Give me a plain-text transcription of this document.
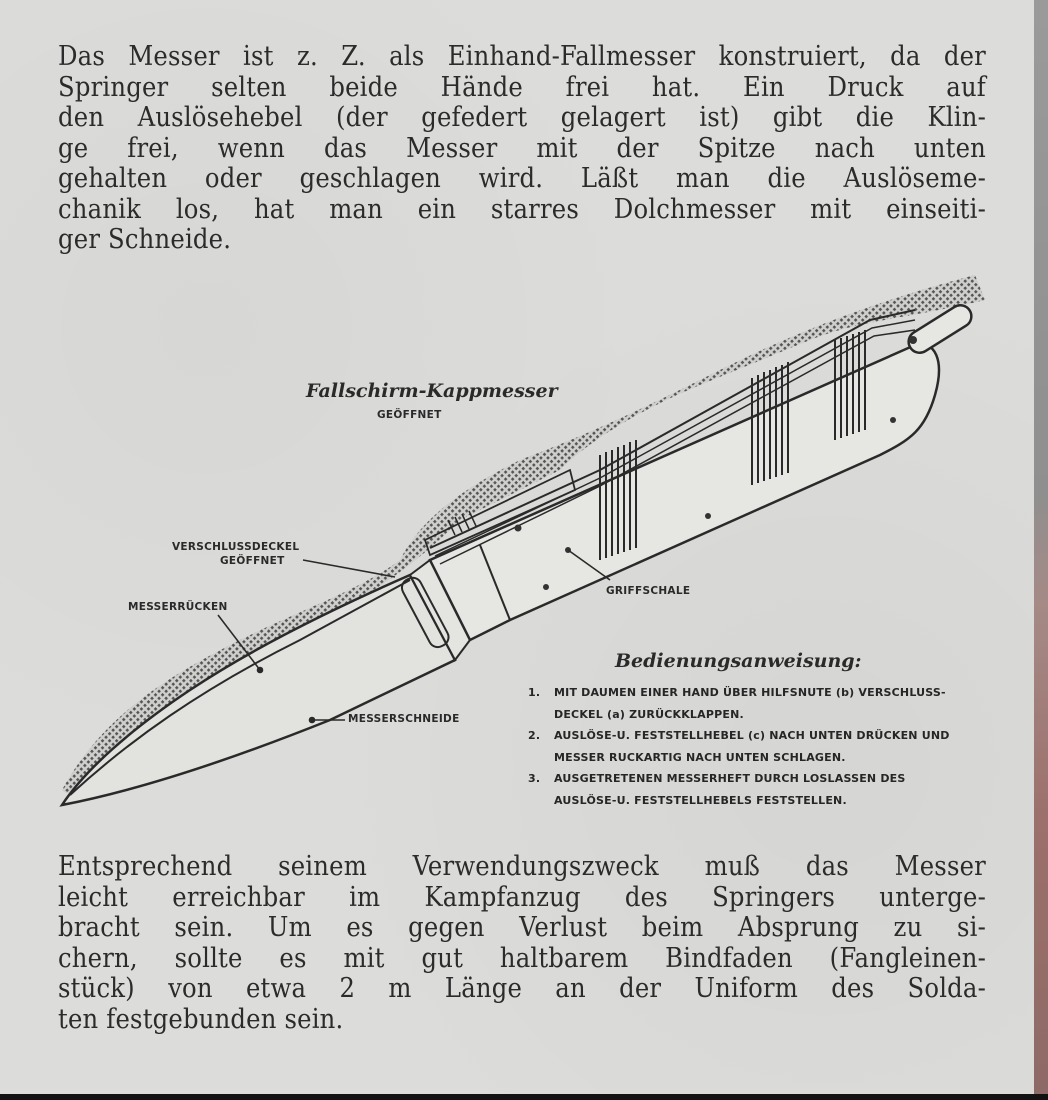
Das Messer ist z. Z. als Einhand-Fallmesser konstruiert, da der
Springer selten beide Hände frei hat. Ein Druck auf
den Auslösehebel (der gefedert gelagert ist) gibt die Klin-
ge frei, wenn das Messer mit der Spitze nach unten
gehalten oder geschlagen wird. Läßt man die Auslöseme-
chanik los, hat man ein starres Dolchmesser mit einseiti-
ger Schneide.
Fallschirm-Kappmesser
GEÖFFNET
VERSCHLUSSDECKEL
GEÖFFNET
MESSERRÜCKEN
MESSERSCHNEIDE
GRIFFSCHALE
Bedienungsanweisung:
1.	MIT DAUMEN EINER HAND ÜBER HILFSNUTE (b) VERSCHLUSS-
DECKEL (a) ZURÜCKKLAPPEN.
2.	AUSLÖSE-U. FESTSTELLHEBEL (c) NACH UNTEN DRÜCKEN UND
MESSER RUCKARTIG NACH UNTEN SCHLAGEN.
3.	AUSGETRETENEN MESSERHEFT DURCH LOSLASSEN DES
AUSLÖSE-U. FESTSTELLHEBELS FESTSTELLEN.
Entsprechend seinem Verwendungszweck muß das Messer
leicht erreichbar im Kampfanzug des Springers unterge-
bracht sein. Um es gegen Verlust beim Absprung zu si-
chern, sollte es mit gut haltbarem Bindfaden (Fangleinen-
stück) von etwa 2 m Länge an der Uniform des Solda-
ten festgebunden sein.
